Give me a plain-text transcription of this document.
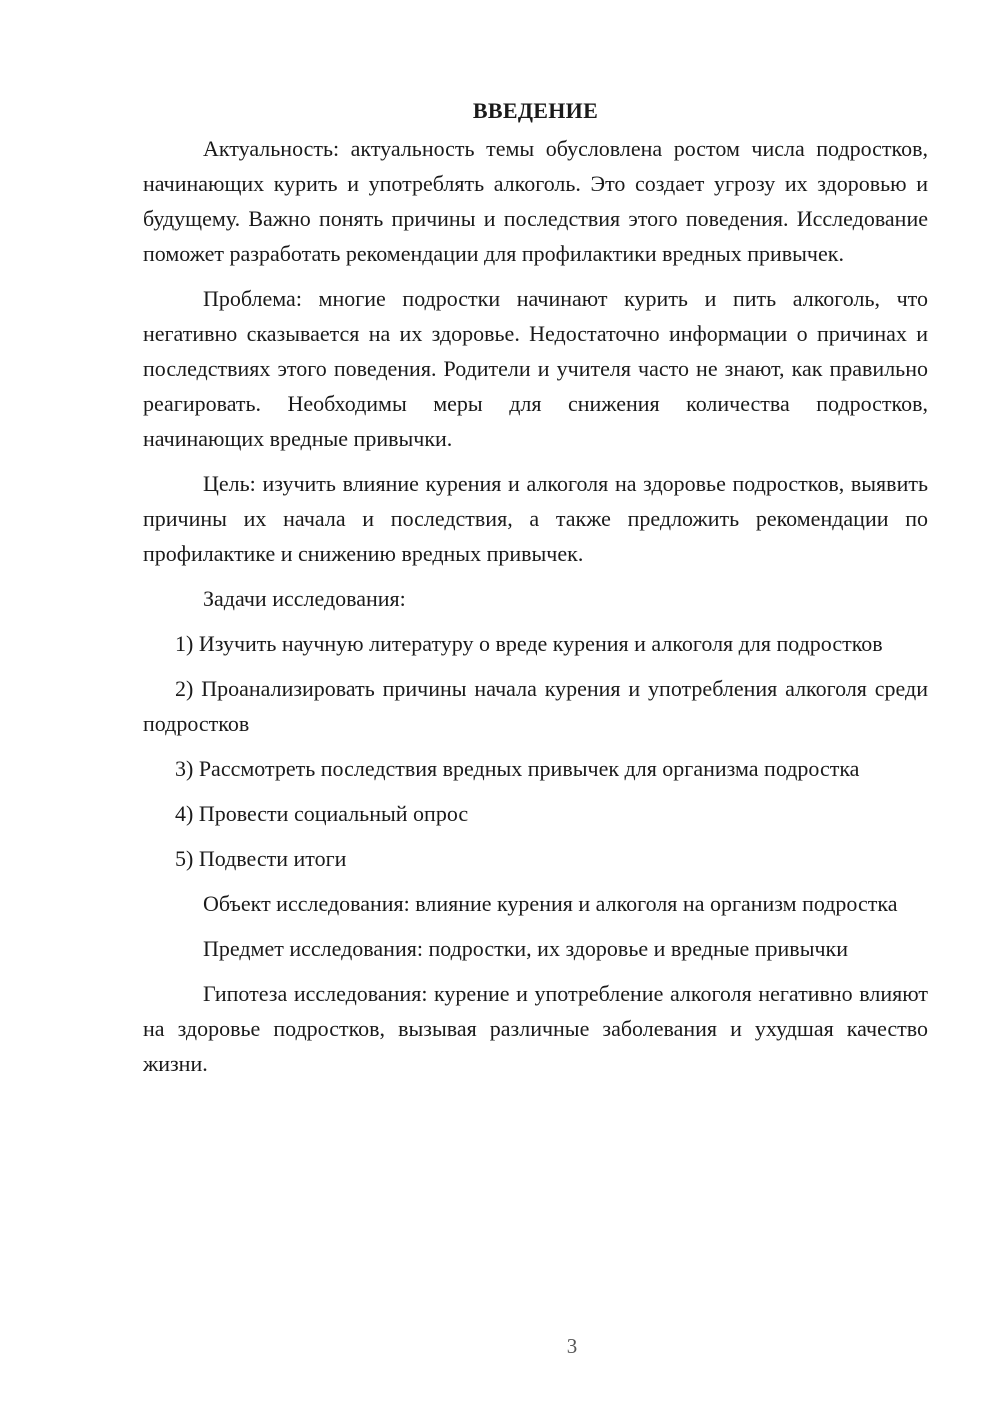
ВВЕДЕНИЕ

Актуальность: актуальность темы обусловлена ростом числа подростков, начинающих курить и употреблять алкоголь. Это создает угрозу их здоровью и будущему. Важно понять причины и последствия этого поведения. Исследование поможет разработать рекомендации для профилактики вредных привычек.

Проблема: многие подростки начинают курить и пить алкоголь, что негативно сказывается на их здоровье. Недостаточно информации о причинах и последствиях этого поведения. Родители и учителя часто не знают, как правильно реагировать. Необходимы меры для снижения количества подростков, начинающих вредные привычки.

Цель: изучить влияние курения и алкоголя на здоровье подростков, выявить причины их начала и последствия, а также предложить рекомендации по профилактике и снижению вредных привычек.

Задачи исследования:

1) Изучить научную литературу о вреде курения и алкоголя для подростков

2) Проанализировать причины начала курения и употребления алкоголя среди подростков

3) Рассмотреть последствия вредных привычек для организма подростка

4) Провести социальный опрос

5) Подвести итоги

Объект исследования: влияние курения и алкоголя на организм подростка

Предмет исследования: подростки, их здоровье и вредные привычки

Гипотеза исследования: курение и употребление алкоголя негативно влияют на здоровье подростков, вызывая различные заболевания и ухудшая качество жизни.

3
